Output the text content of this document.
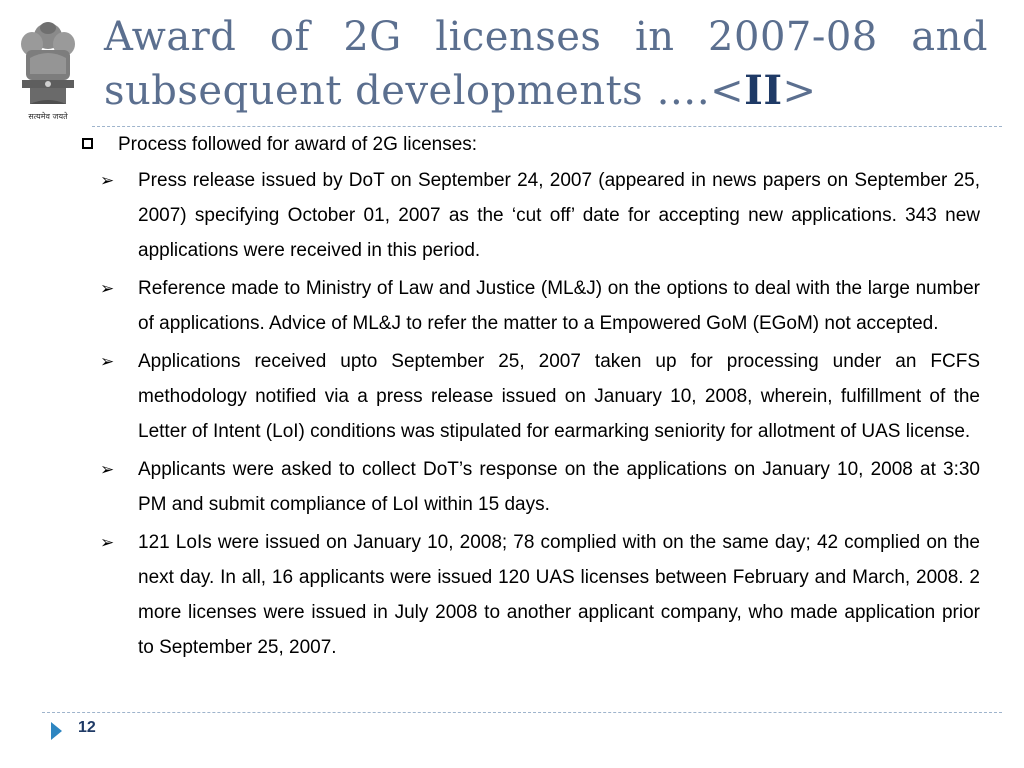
सत्यमेव जयते
Award of 2G licenses in 2007-08 and subsequent developments ….<II>
Process followed for award of 2G licenses:
➢ Press release issued by DoT on September 24, 2007 (appeared in news papers on September 25, 2007) specifying October 01, 2007 as the ‘cut off’ date for accepting new applications. 343 new applications were received in this period.
➢ Reference made to Ministry of Law and Justice (ML&J) on the options to deal with the large number of applications. Advice of ML&J to refer the matter to a Empowered GoM (EGoM) not accepted.
➢ Applications received upto September 25, 2007 taken up for processing under an FCFS methodology notified via a press release issued on January 10, 2008, wherein, fulfillment of the Letter of Intent (LoI) conditions was stipulated for earmarking seniority for allotment of UAS license.
➢ Applicants were asked to collect DoT’s response on the applications on January 10, 2008 at 3:30 PM and submit compliance of LoI within 15 days.
➢ 121 LoIs were issued on January 10, 2008; 78 complied with on the same day; 42 complied on the next day. In all, 16 applicants were issued 120 UAS licenses between February and March, 2008. 2 more licenses were issued in July 2008 to another applicant company, who made application prior to September 25, 2007.
12
